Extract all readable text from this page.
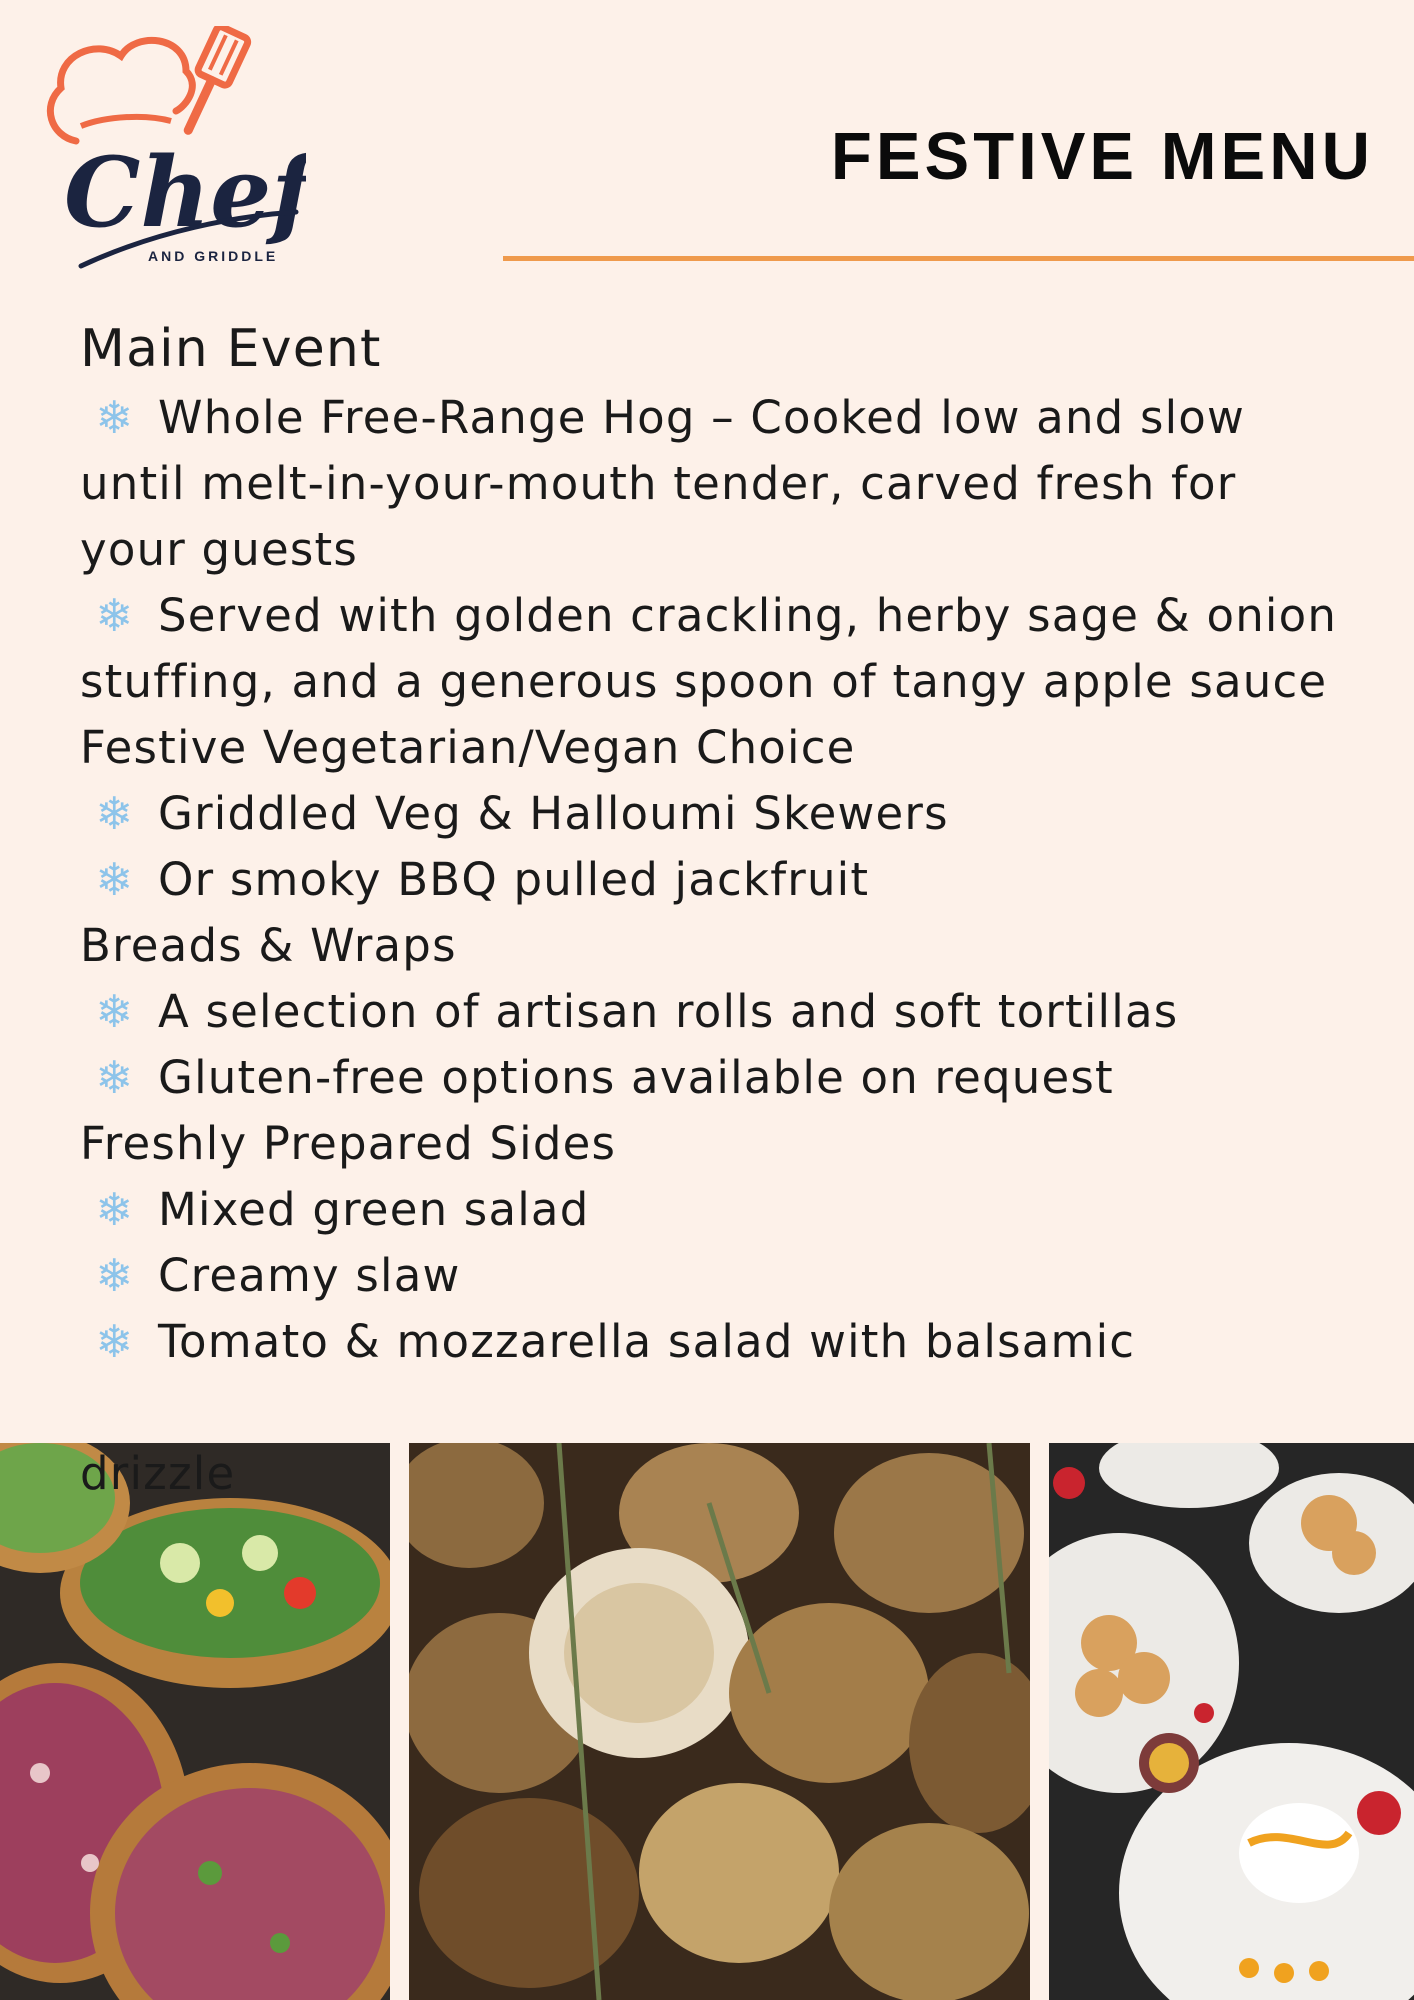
Chef
AND GRIDDLE
FESTIVE MENU

Main Event

❄ Whole Free-Range Hog – Cooked low and slow until melt-in-your-mouth tender, carved fresh for your guests

❄ Served with golden crackling, herby sage & onion stuffing, and a generous spoon of tangy apple sauce

Festive Vegetarian/Vegan Choice

❄ Griddled Veg & Halloumi Skewers

❄ Or smoky BBQ pulled jackfruit

Breads & Wraps

❄ A selection of artisan rolls and soft tortillas

❄ Gluten-free options available on request

Freshly Prepared Sides

❄ Mixed green salad

❄ Creamy slaw

❄ Tomato & mozzarella salad with balsamic

drizzle
